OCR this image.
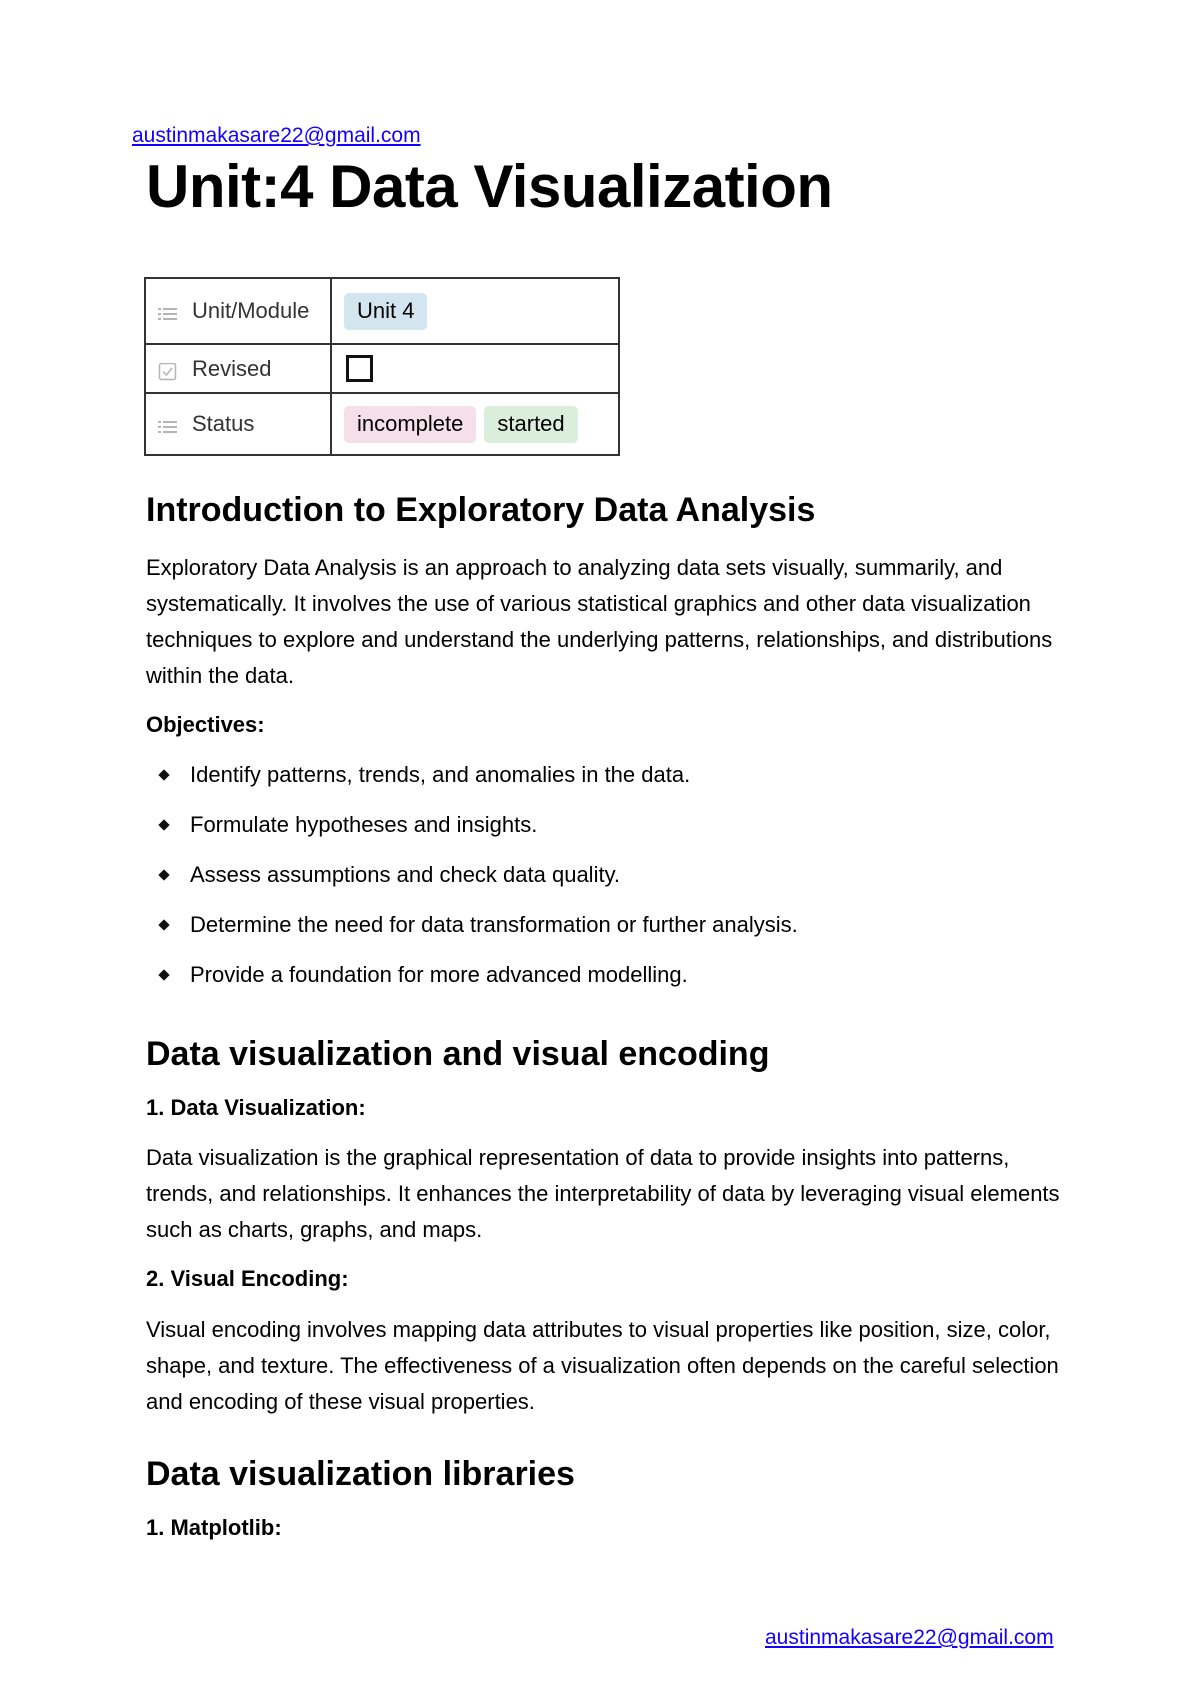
austinmakasare22@gmail.com
Unit:4 Data Visualization
Unit/Module	Unit 4
Revised	
Status	incomplete started
Introduction to Exploratory Data Analysis

Exploratory Data Analysis is an approach to analyzing data sets visually, summarily, and systematically. It involves the use of various statistical graphics and other data visualization techniques to explore and understand the underlying patterns, relationships, and distributions within the data.

Objectives:
Identify patterns, trends, and anomalies in the data.
Formulate hypotheses and insights.
Assess assumptions and check data quality.
Determine the need for data transformation or further analysis.
Provide a foundation for more advanced modelling.
Data visualization and visual encoding
1. Data Visualization:

Data visualization is the graphical representation of data to provide insights into patterns, trends, and relationships. It enhances the interpretability of data by leveraging visual elements such as charts, graphs, and maps.

2. Visual Encoding:

Visual encoding involves mapping data attributes to visual properties like position, size, color, shape, and texture. The effectiveness of a visualization often depends on the careful selection and encoding of these visual properties.

Data visualization libraries
1. Matplotlib:
austinmakasare22@gmail.com
